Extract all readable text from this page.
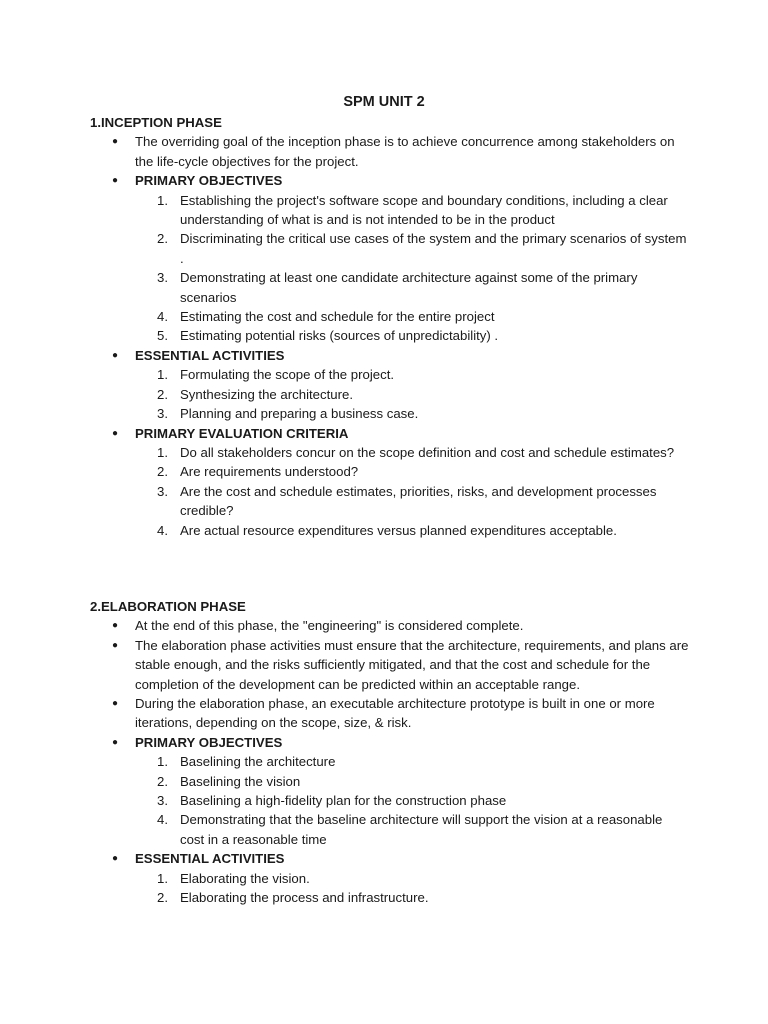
SPM UNIT 2
1.INCEPTION PHASE
● The overriding goal of the inception phase is to achieve concurrence among stakeholders on the life-cycle objectives for the project.
● PRIMARY OBJECTIVES
1. Establishing the project's software scope and boundary conditions, including a clear understanding of what is and is not intended to be in the product
2. Discriminating the critical use cases of the system and the primary scenarios of system .
3. Demonstrating at least one candidate architecture against some of the primary scenarios
4. Estimating the cost and schedule for the entire project
5. Estimating potential risks (sources of unpredictability) .
● ESSENTIAL ACTIVITIES
1. Formulating the scope of the project.
2. Synthesizing the architecture.
3. Planning and preparing a business case.
● PRIMARY EVALUATION CRITERIA
1. Do all stakeholders concur on the scope definition and cost and schedule estimates?
2. Are requirements understood?
3. Are the cost and schedule estimates, priorities, risks, and development processes credible?
4. Are actual resource expenditures versus planned expenditures acceptable.
2.ELABORATION PHASE
● At the end of this phase, the "engineering" is considered complete.
● The elaboration phase activities must ensure that the architecture, requirements, and plans are stable enough, and the risks sufficiently mitigated, and that the cost and schedule for the completion of the development can be predicted within an acceptable range.
● During the elaboration phase, an executable architecture prototype is built in one or more iterations, depending on the scope, size, & risk.
● PRIMARY OBJECTIVES
1. Baselining the architecture
2. Baselining the vision
3. Baselining a high-fidelity plan for the construction phase
4. Demonstrating that the baseline architecture will support the vision at a reasonable cost in a reasonable time
● ESSENTIAL ACTIVITIES
1. Elaborating the vision.
2. Elaborating the process and infrastructure.
